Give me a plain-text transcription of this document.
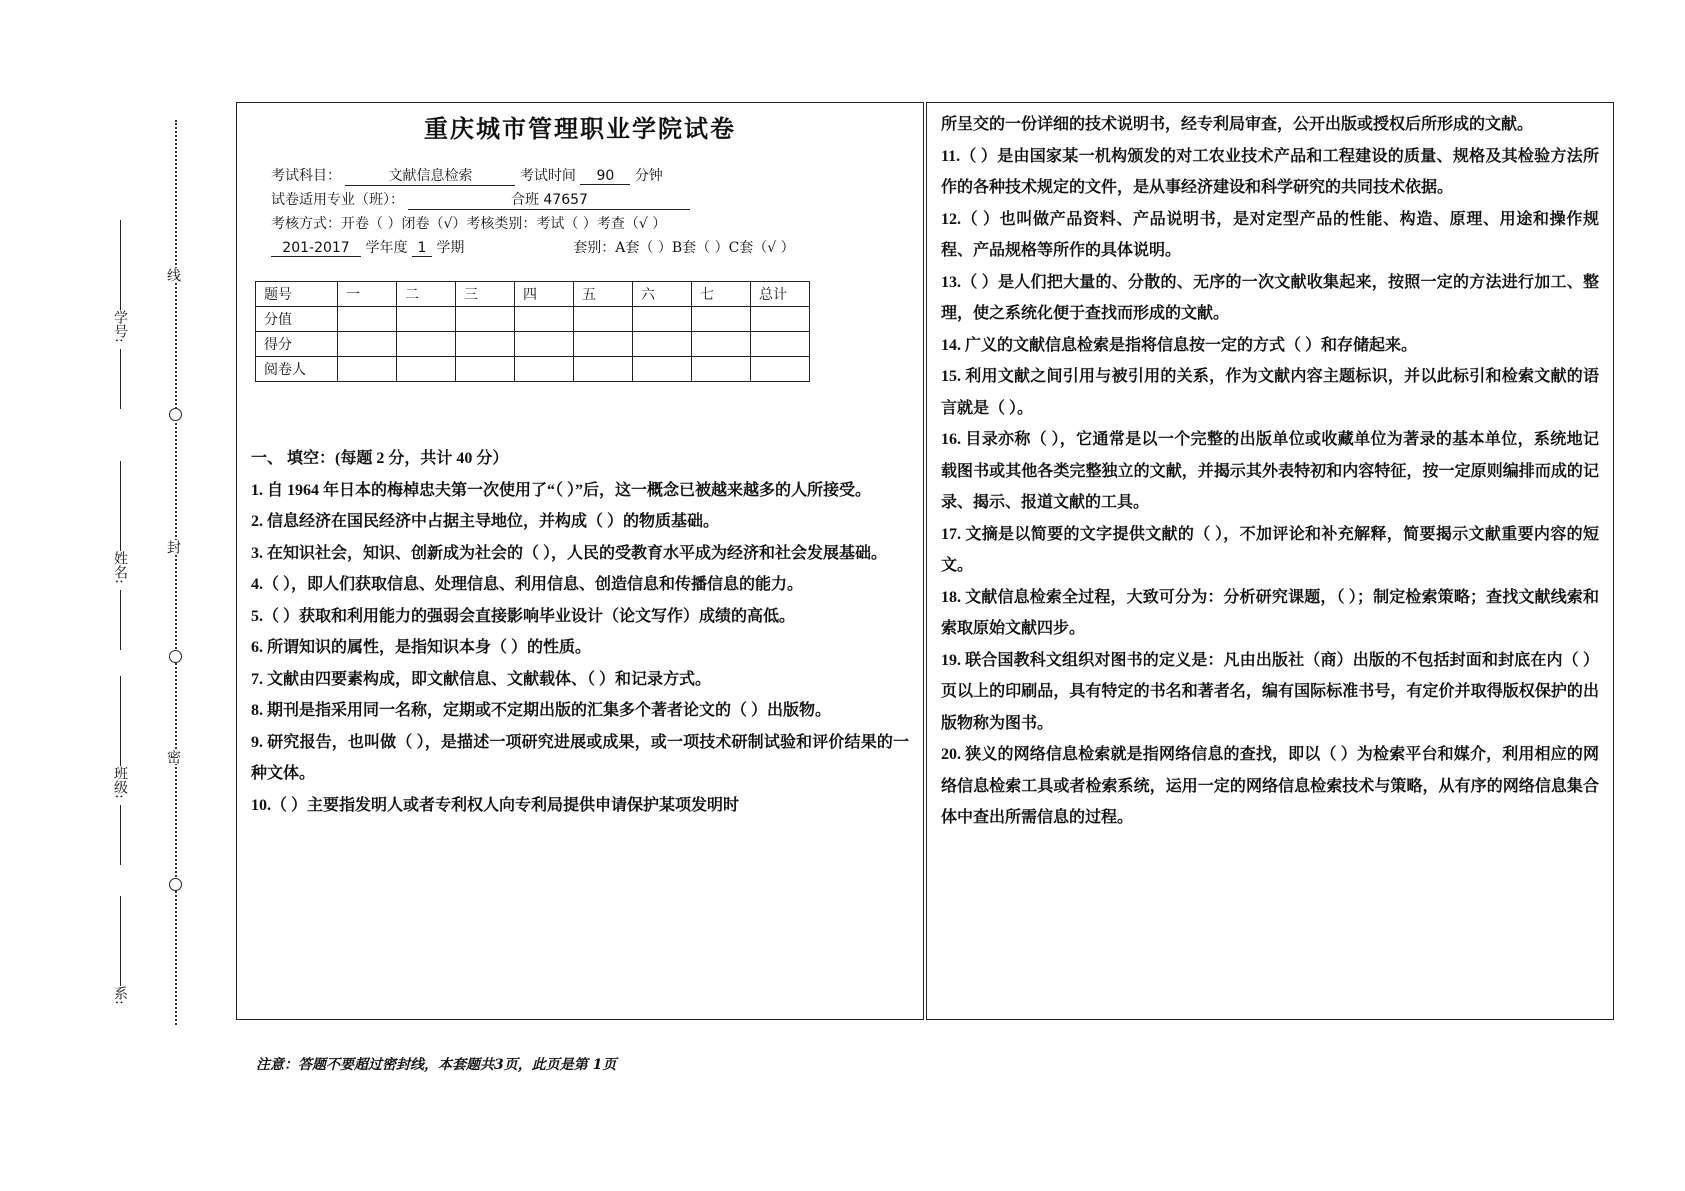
线
封
密
学号:
姓名:
班级:
系:
重庆城市管理职业学院试卷
考试科目：	文献信息检索	考试时间 90 分钟
试卷适用专业（班）：	合班 47657
考核方式：开卷（ ）闭卷（√）考核类别：考试（ ）考查（√ ）
201-2017 学年度 1 学期	套别：A套（ ）B套（ ）C套（√ ）
题号	一	二	三	四	五	六	七	总计
分值								
得分								
阅卷人								

一、 填空：(每题 2 分，共计 40 分）

1. 自 1964 年日本的梅棹忠夫第一次使用了“（ ）”后，这一概念已被越来越多的人所接受。

2. 信息经济在国民经济中占据主导地位，并构成（ ）的物质基础。

3. 在知识社会，知识、创新成为社会的（ ），人民的受教育水平成为经济和社会发展基础。

4.（ ），即人们获取信息、处理信息、利用信息、创造信息和传播信息的能力。

5.（ ）获取和利用能力的强弱会直接影响毕业设计（论文写作）成绩的高低。

6. 所谓知识的属性，是指知识本身（ ）的性质。

7. 文献由四要素构成，即文献信息、文献载体、（ ）和记录方式。

8. 期刊是指采用同一名称，定期或不定期出版的汇集多个著者论文的（ ）出版物。

9. 研究报告，也叫做（ ），是描述一项研究进展或成果，或一项技术研制试验和评价结果的一种文体。

10.（ ）主要指发明人或者专利权人向专利局提供申请保护某项发明时

所呈交的一份详细的技术说明书，经专利局审查，公开出版或授权后所形成的文献。

11.（ ）是由国家某一机构颁发的对工农业技术产品和工程建设的质量、规格及其检验方法所作的各种技术规定的文件，是从事经济建设和科学研究的共同技术依据。

12.（ ）也叫做产品资料、产品说明书，是对定型产品的性能、构造、原理、用途和操作规程、产品规格等所作的具体说明。

13.（ ）是人们把大量的、分散的、无序的一次文献收集起来，按照一定的方法进行加工、整理，使之系统化便于查找而形成的文献。

14. 广义的文献信息检索是指将信息按一定的方式（ ）和存储起来。

15. 利用文献之间引用与被引用的关系，作为文献内容主题标识，并以此标引和检索文献的语言就是（ ）。

16. 目录亦称（ ），它通常是以一个完整的出版单位或收藏单位为著录的基本单位，系统地记载图书或其他各类完整独立的文献，并揭示其外表特初和内容特征，按一定原则编排而成的记录、揭示、报道文献的工具。

17. 文摘是以简要的文字提供文献的（ ），不加评论和补充解释，简要揭示文献重要内容的短文。

18. 文献信息检索全过程，大致可分为：分析研究课题，（ ）；制定检索策略；查找文献线索和索取原始文献四步。

19. 联合国教科文组织对图书的定义是：凡由出版社（商）出版的不包括封面和封底在内（ ）页以上的印刷品，具有特定的书名和著者名，编有国际标准书号，有定价并取得版权保护的出版物称为图书。

20. 狭义的网络信息检索就是指网络信息的查找，即以（ ）为检索平台和媒介，利用相应的网络信息检索工具或者检索系统，运用一定的网络信息检索技术与策略，从有序的网络信息集合体中查出所需信息的过程。

注意：答题不要超过密封线，本套题共3页，此页是第 1页
